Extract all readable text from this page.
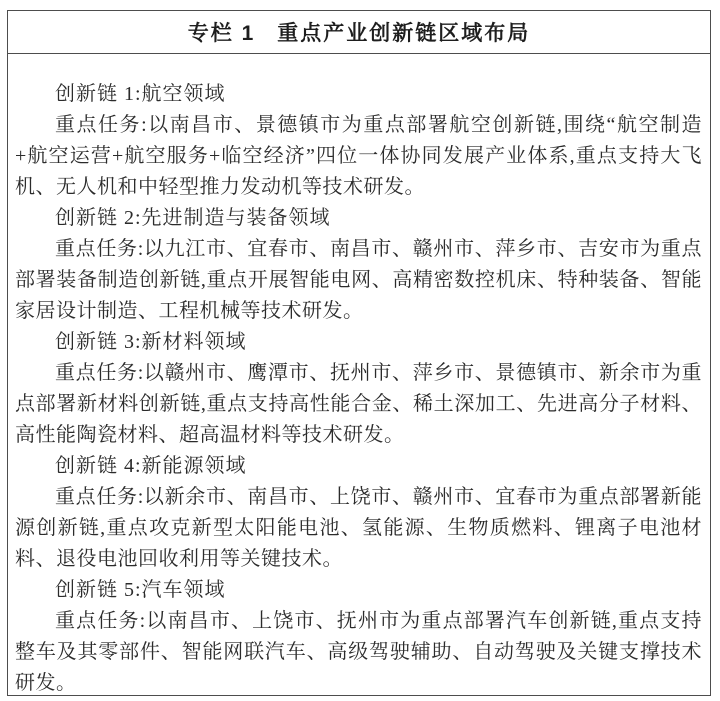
专栏 1 重点产业创新链区域布局

创新链 1:航空领域

重点任务:以南昌市、景德镇市为重点部署航空创新链,围绕“航空制造+航空运营+航空服务+临空经济”四位一体协同发展产业体系,重点支持大飞机、无人机和中轻型推力发动机等技术研发。

创新链 2:先进制造与装备领域

重点任务:以九江市、宜春市、南昌市、赣州市、萍乡市、吉安市为重点部署装备制造创新链,重点开展智能电网、高精密数控机床、特种装备、智能家居设计制造、工程机械等技术研发。

创新链 3:新材料领域

重点任务:以赣州市、鹰潭市、抚州市、萍乡市、景德镇市、新余市为重点部署新材料创新链,重点支持高性能合金、稀土深加工、先进高分子材料、高性能陶瓷材料、超高温材料等技术研发。

创新链 4:新能源领域

重点任务:以新余市、南昌市、上饶市、赣州市、宜春市为重点部署新能源创新链,重点攻克新型太阳能电池、氢能源、生物质燃料、锂离子电池材料、退役电池回收利用等关键技术。

创新链 5:汽车领域

重点任务:以南昌市、上饶市、抚州市为重点部署汽车创新链,重点支持整车及其零部件、智能网联汽车、高级驾驶辅助、自动驾驶及关键支撑技术研发。
